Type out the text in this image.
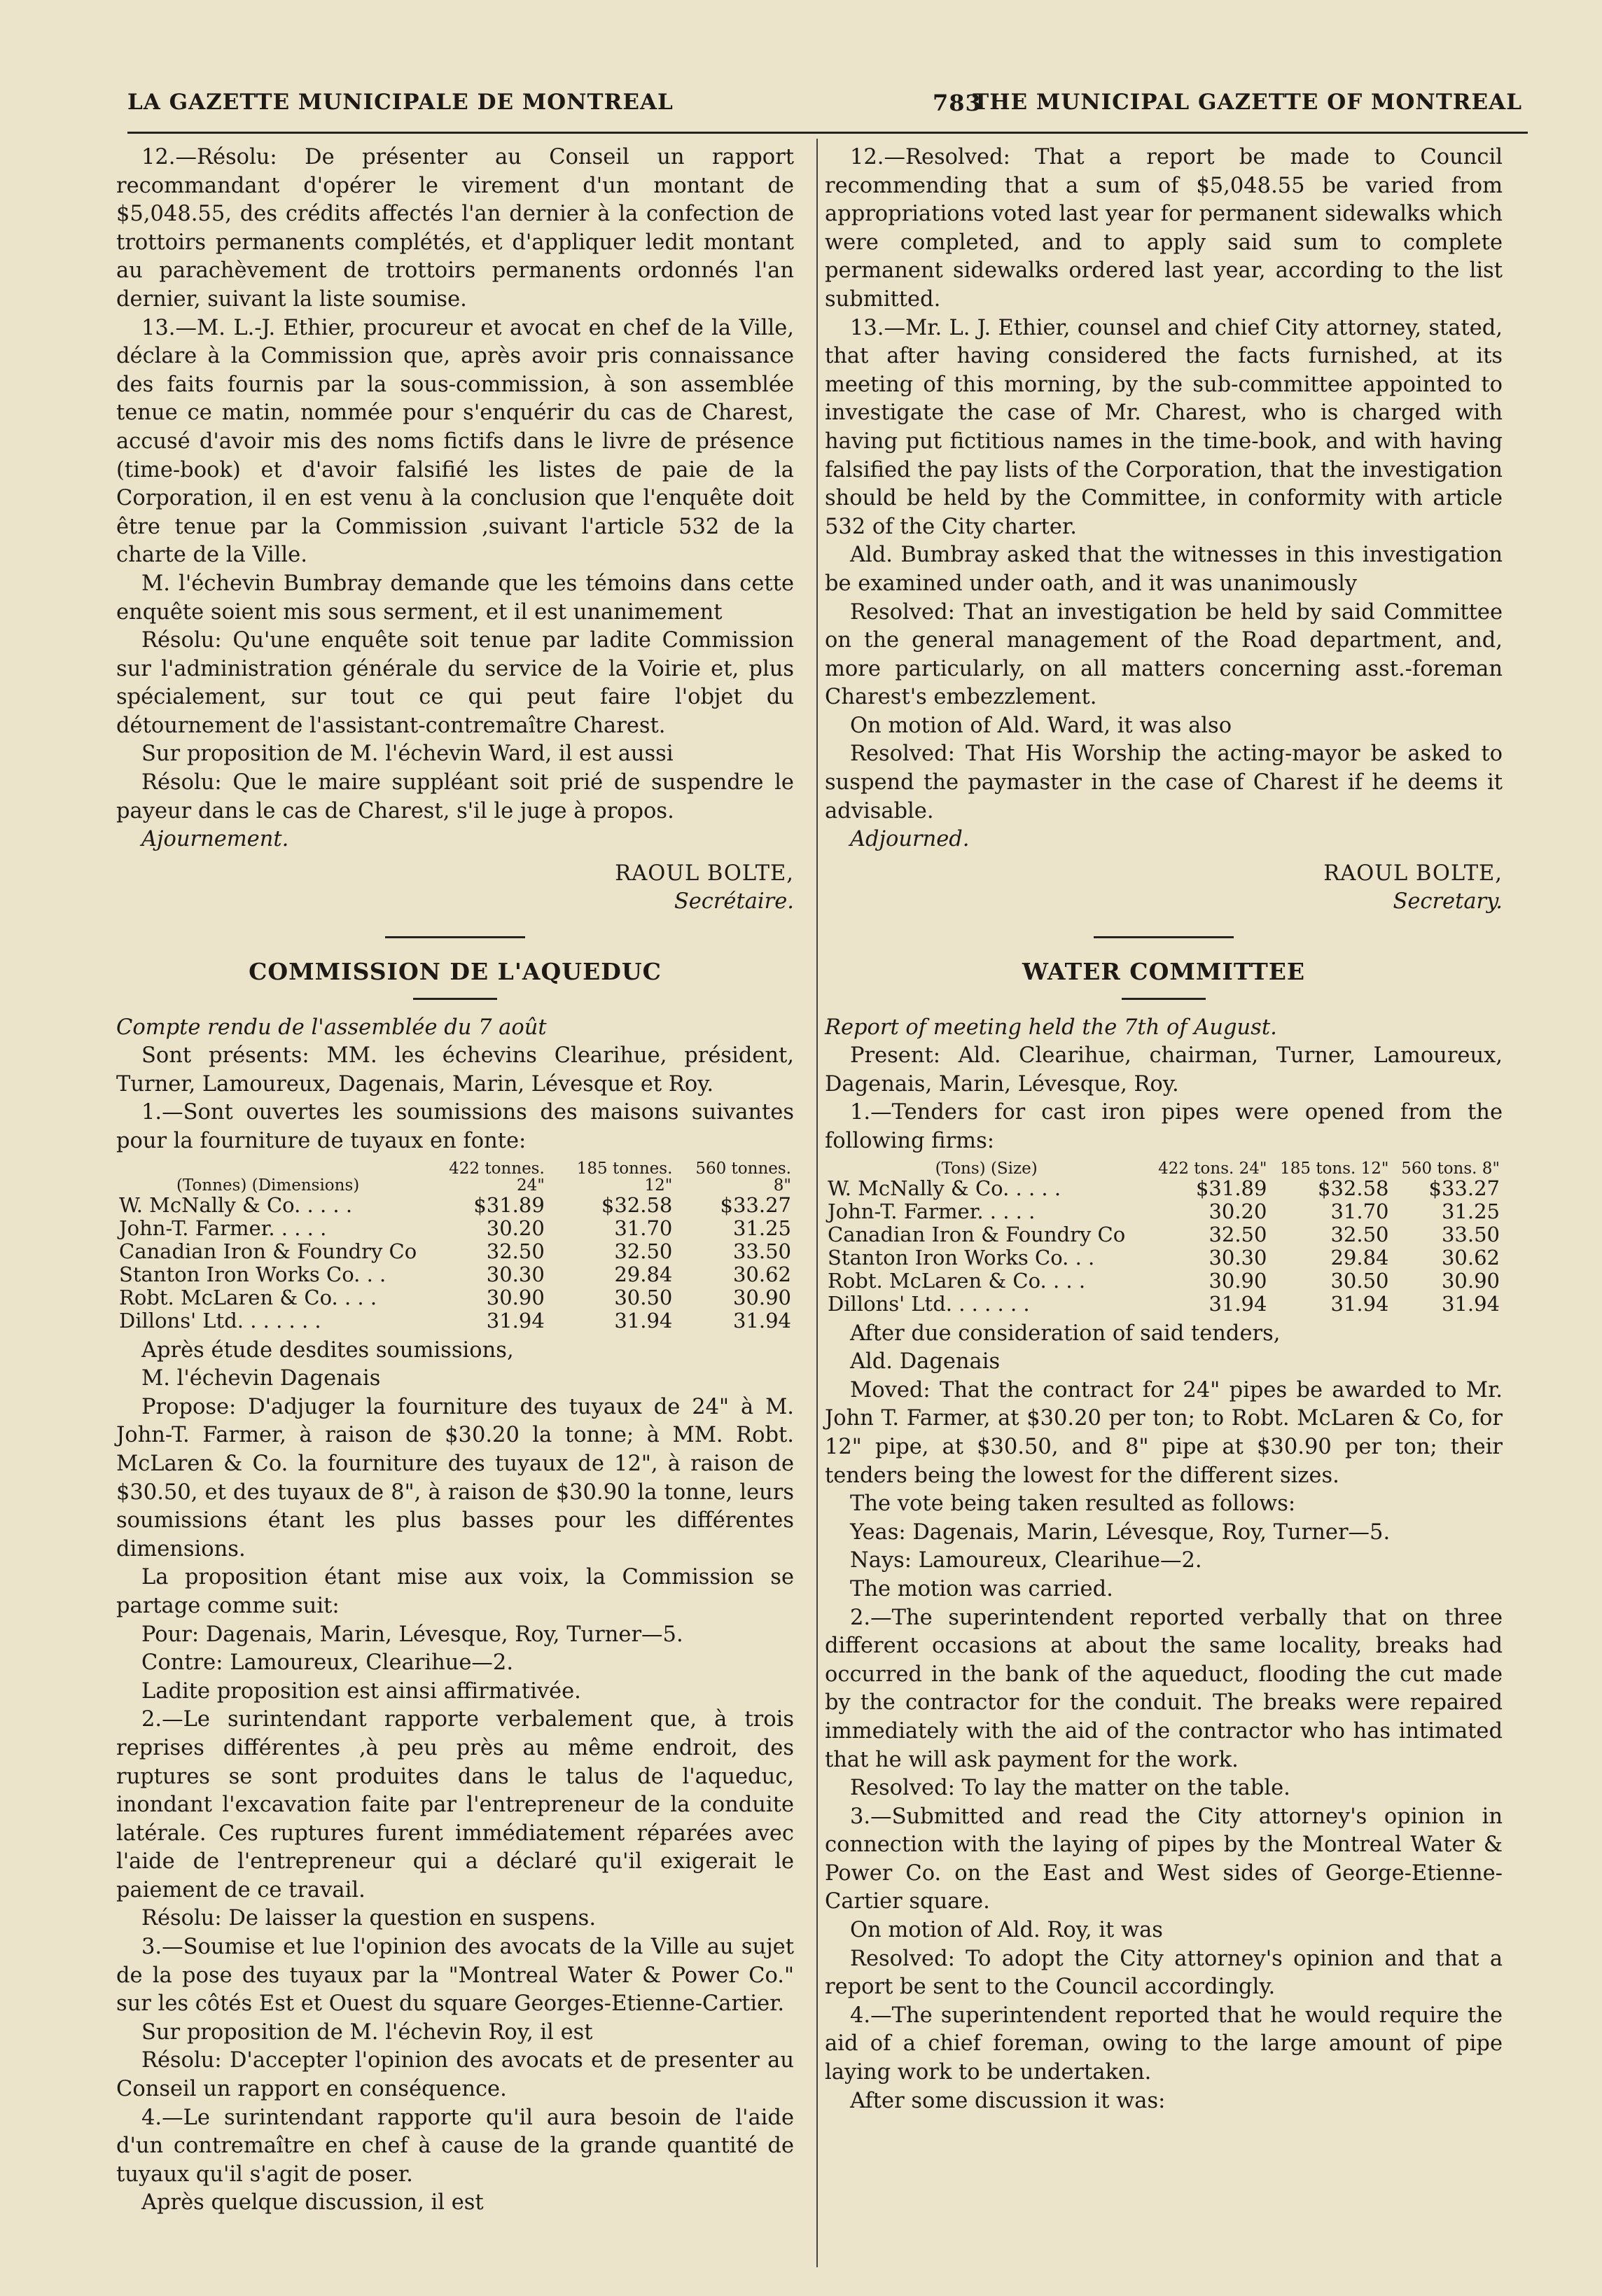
LA GAZETTE MUNICIPALE DE MONTREAL	783
THE MUNICIPAL GAZETTE OF MONTREAL

12.—Résolu: De présenter au Conseil un rapport recommandant d'opérer le virement d'un montant de $5,048.55, des crédits affectés l'an dernier à la confection de trottoirs permanents complétés, et d'appliquer ledit montant au parachèvement de trottoirs permanents ordonnés l'an dernier, suivant la liste soumise.

13.—M. L.-J. Ethier, procureur et avocat en chef de la Ville, déclare à la Commission que, après avoir pris connaissance des faits fournis par la sous-commission, à son assemblée tenue ce matin, nommée pour s'enquérir du cas de Charest, accusé d'avoir mis des noms fictifs dans le livre de présence (time-book) et d'avoir falsifié les listes de paie de la Corporation, il en est venu à la conclusion que l'enquête doit être tenue par la Commission ,suivant l'article 532 de la charte de la Ville.

M. l'échevin Bumbray demande que les témoins dans cette enquête soient mis sous serment, et il est unanimement

Résolu: Qu'une enquête soit tenue par ladite Commission sur l'administration générale du service de la Voirie et, plus spécialement, sur tout ce qui peut faire l'objet du détournement de l'assistant-contremaître Charest.

Sur proposition de M. l'échevin Ward, il est aussi

Résolu: Que le maire suppléant soit prié de suspendre le payeur dans le cas de Charest, s'il le juge à propos.

Ajournement.

RAOUL BOLTE,
Secrétaire.
COMMISSION DE L'AQUEDUC

Compte rendu de l'assemblée du 7 août

Sont présents: MM. les échevins Clearihue, président, Turner, Lamoureux, Dagenais, Marin, Lévesque et Roy.

1.—Sont ouvertes les soumissions des maisons suivantes pour la fourniture de tuyaux en fonte:

(Tonnes) (Dimensions)	422 tonnes. 24"	185 tonnes. 12"	560 tonnes. 8"
W. McNally & Co. . . . .	$31.89	$32.58	$33.27
John-T. Farmer. . . . .	30.20	31.70	31.25
Canadian Iron & Foundry Co	32.50	32.50	33.50
Stanton Iron Works Co. . .	30.30	29.84	30.62
Robt. McLaren & Co. . . .	30.90	30.50	30.90
Dillons' Ltd. . . . . . .	31.94	31.94	31.94

Après étude desdites soumissions,

M. l'échevin Dagenais

Propose: D'adjuger la fourniture des tuyaux de 24" à M. John-T. Farmer, à raison de $30.20 la tonne; à MM. Robt. McLaren & Co. la fourniture des tuyaux de 12", à raison de $30.50, et des tuyaux de 8", à raison de $30.90 la tonne, leurs soumissions étant les plus basses pour les différentes dimensions.

La proposition étant mise aux voix, la Commission se partage comme suit:

Pour: Dagenais, Marin, Lévesque, Roy, Turner—5.

Contre: Lamoureux, Clearihue—2.

Ladite proposition est ainsi affirmativée.

2.—Le surintendant rapporte verbalement que, à trois reprises différentes ,à peu près au même endroit, des ruptures se sont produites dans le talus de l'aqueduc, inondant l'excavation faite par l'entrepreneur de la conduite latérale. Ces ruptures furent immédiatement réparées avec l'aide de l'entrepreneur qui a déclaré qu'il exigerait le paiement de ce travail.

Résolu: De laisser la question en suspens.

3.—Soumise et lue l'opinion des avocats de la Ville au sujet de la pose des tuyaux par la "Montreal Water & Power Co." sur les côtés Est et Ouest du square Georges-Etienne-Cartier.

Sur proposition de M. l'échevin Roy, il est

Résolu: D'accepter l'opinion des avocats et de presenter au Conseil un rapport en conséquence.

4.—Le surintendant rapporte qu'il aura besoin de l'aide d'un contremaître en chef à cause de la grande quantité de tuyaux qu'il s'agit de poser.

Après quelque discussion, il est

12.—Resolved: That a report be made to Council recommending that a sum of $5,048.55 be varied from appropriations voted last year for permanent sidewalks which were completed, and to apply said sum to complete permanent sidewalks ordered last year, according to the list submitted.

13.—Mr. L. J. Ethier, counsel and chief City attorney, stated, that after having considered the facts furnished, at its meeting of this morning, by the sub-committee appointed to investigate the case of Mr. Charest, who is charged with having put fictitious names in the time-book, and with having falsified the pay lists of the Corporation, that the investigation should be held by the Committee, in conformity with article 532 of the City charter.

Ald. Bumbray asked that the witnesses in this investigation be examined under oath, and it was unanimously

Resolved: That an investigation be held by said Committee on the general management of the Road department, and, more particularly, on all matters concerning asst.-foreman Charest's embezzlement.

On motion of Ald. Ward, it was also

Resolved: That His Worship the acting-mayor be asked to suspend the paymaster in the case of Charest if he deems it advisable.

Adjourned.

RAOUL BOLTE,
Secretary.
WATER COMMITTEE

Report of meeting held the 7th of August.

Present: Ald. Clearihue, chairman, Turner, Lamoureux, Dagenais, Marin, Lévesque, Roy.

1.—Tenders for cast iron pipes were opened from the following firms:

(Tons) (Size)	422 tons. 24"	185 tons. 12"	560 tons. 8"
W. McNally & Co. . . . .	$31.89	$32.58	$33.27
John-T. Farmer. . . . .	30.20	31.70	31.25
Canadian Iron & Foundry Co	32.50	32.50	33.50
Stanton Iron Works Co. . .	30.30	29.84	30.62
Robt. McLaren & Co. . . .	30.90	30.50	30.90
Dillons' Ltd. . . . . . .	31.94	31.94	31.94

After due consideration of said tenders,

Ald. Dagenais

Moved: That the contract for 24" pipes be awarded to Mr. John T. Farmer, at $30.20 per ton; to Robt. McLaren & Co, for 12" pipe, at $30.50, and 8" pipe at $30.90 per ton; their tenders being the lowest for the different sizes.

The vote being taken resulted as follows:

Yeas: Dagenais, Marin, Lévesque, Roy, Turner—5.

Nays: Lamoureux, Clearihue—2.

The motion was carried.

2.—The superintendent reported verbally that on three different occasions at about the same locality, breaks had occurred in the bank of the aqueduct, flooding the cut made by the contractor for the conduit. The breaks were repaired immediately with the aid of the contractor who has intimated that he will ask payment for the work.

Resolved: To lay the matter on the table.

3.—Submitted and read the City attorney's opinion in connection with the laying of pipes by the Montreal Water & Power Co. on the East and West sides of George-Etienne-Cartier square.

On motion of Ald. Roy, it was

Resolved: To adopt the City attorney's opinion and that a report be sent to the Council accordingly.

4.—The superintendent reported that he would require the aid of a chief foreman, owing to the large amount of pipe laying work to be undertaken.

After some discussion it was:
